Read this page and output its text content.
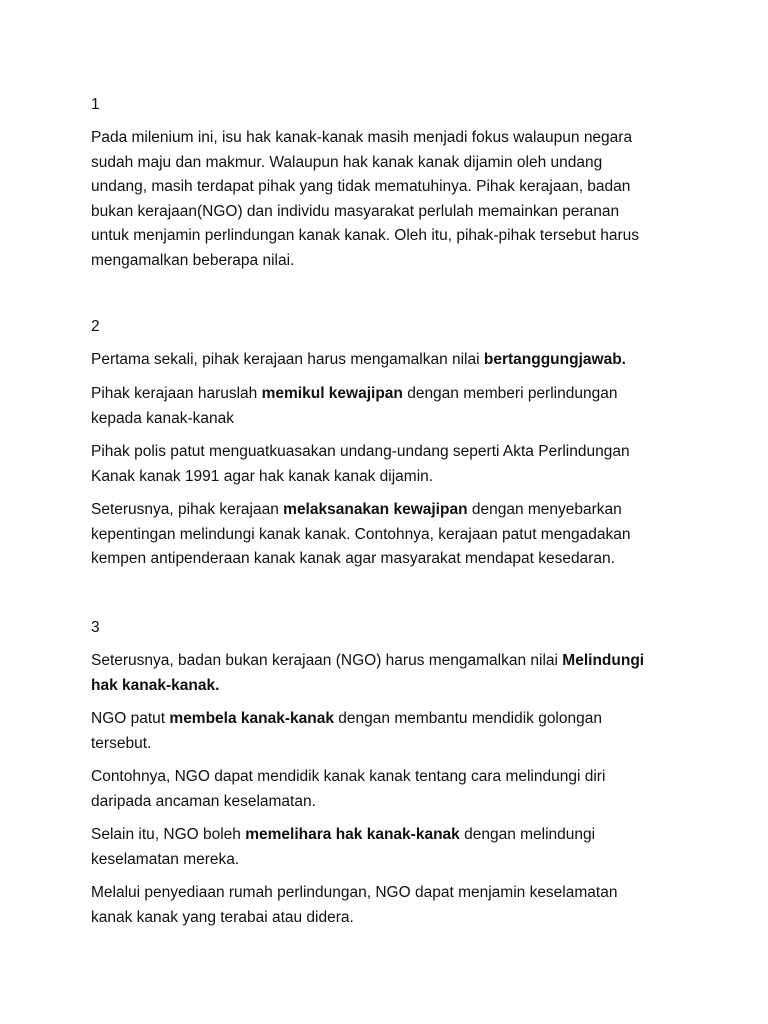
1

Pada milenium ini, isu hak kanak-kanak masih menjadi fokus walaupun negara
sudah maju dan makmur. Walaupun hak kanak kanak dijamin oleh undang
undang, masih terdapat pihak yang tidak mematuhinya. Pihak kerajaan, badan
bukan kerajaan(NGO) dan individu masyarakat perlulah memainkan peranan
untuk menjamin perlindungan kanak kanak. Oleh itu, pihak-pihak tersebut harus
mengamalkan beberapa nilai.

2

Pertama sekali, pihak kerajaan harus mengamalkan nilai bertanggungjawab.

Pihak kerajaan haruslah memikul kewajipan dengan memberi perlindungan
kepada kanak-kanak

Pihak polis patut menguatkuasakan undang-undang seperti Akta Perlindungan
Kanak kanak 1991 agar hak kanak kanak dijamin.

Seterusnya, pihak kerajaan melaksanakan kewajipan dengan menyebarkan
kepentingan melindungi kanak kanak. Contohnya, kerajaan patut mengadakan
kempen antipenderaan kanak kanak agar masyarakat mendapat kesedaran.

3

Seterusnya, badan bukan kerajaan (NGO) harus mengamalkan nilai Melindungi
hak kanak-kanak.

NGO patut membela kanak-kanak dengan membantu mendidik golongan
tersebut.

Contohnya, NGO dapat mendidik kanak kanak tentang cara melindungi diri
daripada ancaman keselamatan.

Selain itu, NGO boleh memelihara hak kanak-kanak dengan melindungi
keselamatan mereka.

Melalui penyediaan rumah perlindungan, NGO dapat menjamin keselamatan
kanak kanak yang terabai atau didera.
